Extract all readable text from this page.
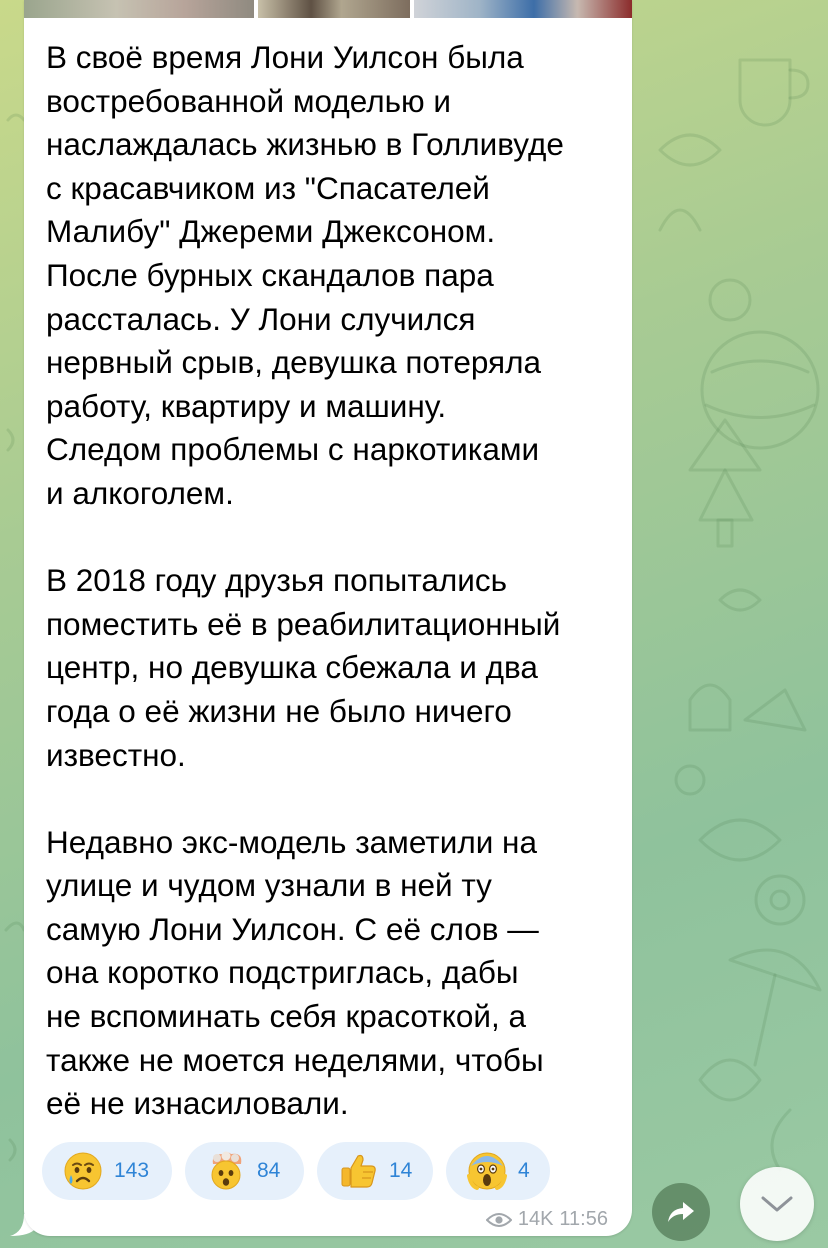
В своё время Лони Уилсон была
востребованной моделью и
наслаждалась жизнью в Голливуде
с красавчиком из "Спасателей
Малибу" Джереми Джексоном.
После бурных скандалов пара
рассталась. У Лони случился
нервный срыв, девушка потеряла
работу, квартиру и машину.
Следом проблемы с наркотиками
и алкоголем.

В 2018 году друзья попытались
поместить её в реабилитационный
центр, но девушка сбежала и два
года о её жизни не было ничего
известно.

Недавно экс-модель заметили на
улице и чудом узнали в ней ту
самую Лони Уилсон. С её слов —
она коротко подстриглась, дабы
не вспоминать себя красоткой, а
также не моется неделями, чтобы
её не изнасиловали.

143	84	14	4
14K 11:56
